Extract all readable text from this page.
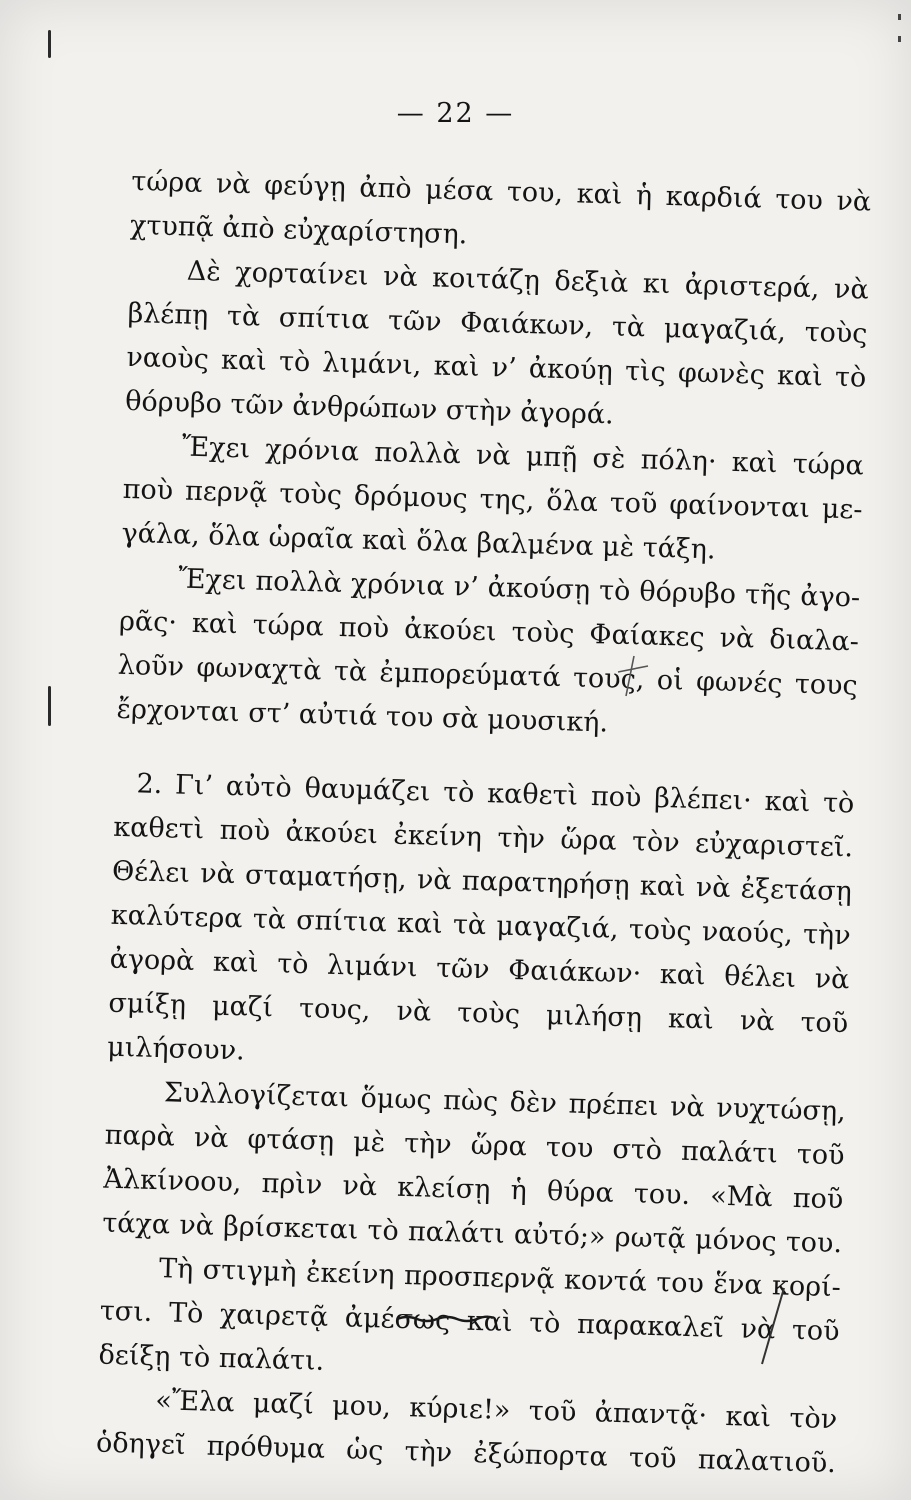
— 22 —
τώρα νὰ φεύγῃ ἀπὸ μέσα του, καὶ ἡ καρδιά του νὰ
χτυπᾷ ἀπὸ εὐχαρίστηση.
Δὲ χορταίνει νὰ κοιτάζῃ δεξιὰ κι ἀριστερά, νὰ
βλέπῃ τὰ σπίτια τῶν Φαιάκων, τὰ μαγαζιά, τοὺς
ναοὺς καὶ τὸ λιμάνι, καὶ ν’ ἀκούῃ τὶς φωνὲς καὶ τὸ
θόρυβο τῶν ἀνθρώπων στὴν ἀγορά.
Ἔχει χρόνια πολλὰ νὰ μπῇ σὲ πόλη· καὶ τώρα
ποὺ περνᾷ τοὺς δρόμους της, ὅλα τοῦ φαίνονται με-
γάλα, ὅλα ὡραῖα καὶ ὅλα βαλμένα μὲ τάξη.
Ἔχει πολλὰ χρόνια ν’ ἀκούσῃ τὸ θόρυβο τῆς ἀγο-
ρᾶς· καὶ τώρα ποὺ ἀκούει τοὺς Φαίακες νὰ διαλα-
λοῦν φωναχτὰ τὰ ἐμπορεύματά τους, οἱ φωνές τους
ἔρχονται στ’ αὐτιά του σὰ μουσική.
2. Γι’ αὐτὸ θαυμάζει τὸ καθετὶ ποὺ βλέπει· καὶ τὸ
καθετὶ ποὺ ἀκούει ἐκείνη τὴν ὥρα τὸν εὐχαριστεῖ.
Θέλει νὰ σταματήσῃ, νὰ παρατηρήσῃ καὶ νὰ ἐξετάσῃ
καλύτερα τὰ σπίτια καὶ τὰ μαγαζιά, τοὺς ναούς, τὴν
ἀγορὰ καὶ τὸ λιμάνι τῶν Φαιάκων· καὶ θέλει νὰ
σμίξῃ μαζί τους, νὰ τοὺς μιλήσῃ καὶ νὰ τοῦ μιλήσουν.
Συλλογίζεται ὅμως πὼς δὲν πρέπει νὰ νυχτώσῃ,
παρὰ νὰ φτάσῃ μὲ τὴν ὥρα του στὸ παλάτι τοῦ
Ἀλκίνοου, πρὶν νὰ κλείσῃ ἡ θύρα του. «Μὰ ποῦ
τάχα νὰ βρίσκεται τὸ παλάτι αὐτό;» ρωτᾷ μόνος του.
Τὴ στιγμὴ ἐκείνη προσπερνᾷ κοντά του ἕνα κορί-
τσι. Τὸ χαιρετᾷ ἀμέσως καὶ τὸ παρακαλεῖ νὰ τοῦ
δείξῃ τὸ παλάτι.
«Ἔλα μαζί μου, κύριε!» τοῦ ἀπαντᾷ· καὶ τὸν
ὁδηγεῖ πρόθυμα ὡς τὴν ἐξώπορτα τοῦ παλατιοῦ.
